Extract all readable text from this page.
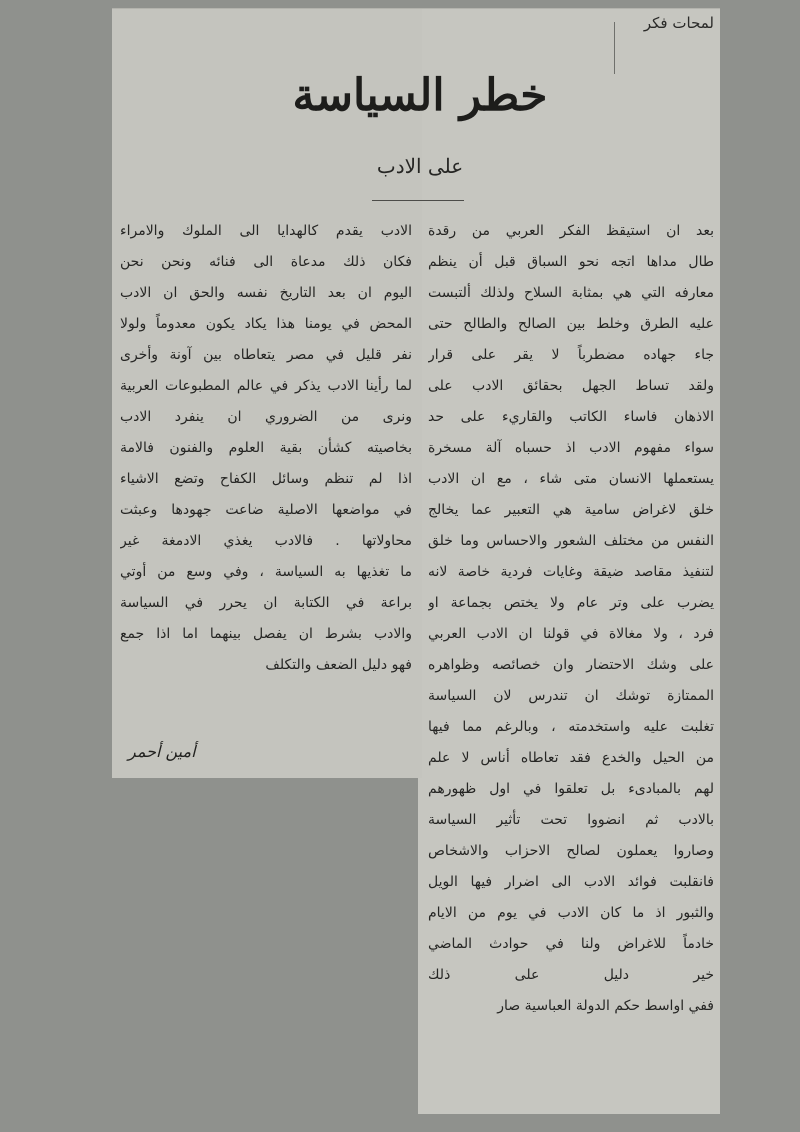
لمحات فكر
خطر السياسة
على الادب
بعد ان استيقظ الفكر العربي من رقدة
طال مداها اتجه نحو السباق قبل أن ينظم
معارفه التي هي بمثابة السلاح ولذلك ألتبست
عليه الطرق وخلط بين الصالح والطالح حتى
جاء جهاده مضطرباً لا يقر على قرار
ولقد تساط الجهل بحقائق الادب على
الاذهان فاساء الكاتب والقاريء على حد
سواء مفهوم الادب اذ حسباه آلة مسخرة
يستعملها الانسان متى شاء ، مع ان الادب
خلق لاغراض سامية هي التعبير عما يخالج
النفس من مختلف الشعور والاحساس وما خلق
لتنفيذ مقاصد ضيقة وغايات فردية خاصة لانه
يضرب على وتر عام ولا يختص بجماعة او
فرد ، ولا مغالاة في قولنا ان الادب العربي
على وشك الاحتضار وان خصائصه وظواهره
الممتازة توشك ان تندرس لان السياسة
تغلبت عليه واستخدمته ، وبالرغم مما فيها
من الحيل والخدع فقد تعاطاه أناس لا علم
لهم بالمبادىء بل تعلقوا في اول ظهورهم
بالادب ثم انضووا تحت تأثير السياسة
وصاروا يعملون لصالح الاحزاب والاشخاص
فانقلبت فوائد الادب الى اضرار فيها الويل
والثبور اذ ما كان الادب في يوم من الايام
خادماً للاغراض ولنا في حوادث الماضي
خير دليل على ذلك
ففي اواسط حكم الدولة العباسية صار
الادب يقدم كالهدايا الى الملوك والامراء
فكان ذلك مدعاة الى فنائه ونحن نحن
اليوم ان بعد التاريخ نفسه والحق ان الادب
المحض في يومنا هذا يكاد يكون معدوماً ولولا
نفر قليل في مصر يتعاطاه بين آونة وأخرى
لما رأينا الادب يذكر في عالم المطبوعات العربية
ونرى من الضروري ان ينفرد الادب
بخاصيته كشأن بقية العلوم والفنون فالامة
اذا لم تنظم وسائل الكفاح وتضع الاشياء
في مواضعها الاصلية ضاعت جهودها وعبثت
محاولاتها . فالادب يغذي الادمغة غير
ما تغذيها به السياسة ، وفي وسع من أوتي
براعة في الكتابة ان يحرر في السياسة
والادب بشرط ان يفصل بينهما اما اذا جمع
فهو دليل الضعف والتكلف
أمين أحمر
